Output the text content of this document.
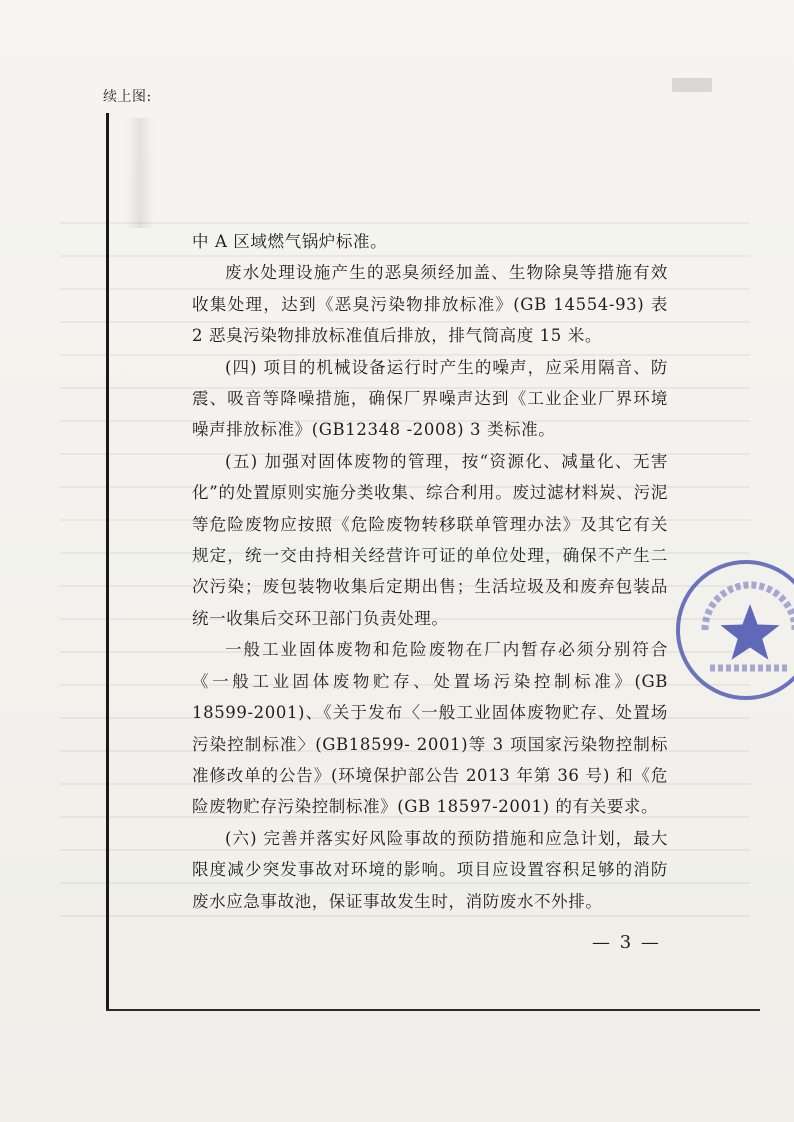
续上图:

中 A 区域燃气锅炉标准。

废水处理设施产生的恶臭须经加盖、生物除臭等措施有效收集处理，达到《恶臭污染物排放标准》(GB 14554-93) 表 2 恶臭污染物排放标准值后排放，排气筒高度 15 米。

(四) 项目的机械设备运行时产生的噪声，应采用隔音、防震、吸音等降噪措施，确保厂界噪声达到《工业企业厂界环境噪声排放标准》(GB12348 -2008) 3 类标准。

(五) 加强对固体废物的管理，按“资源化、减量化、无害化”的处置原则实施分类收集、综合利用。废过滤材料炭、污泥等危险废物应按照《危险废物转移联单管理办法》及其它有关规定，统一交由持相关经营许可证的单位处理，确保不产生二次污染；废包装物收集后定期出售；生活垃圾及和废弃包装品统一收集后交环卫部门负责处理。

一般工业固体废物和危险废物在厂内暂存必须分别符合《一般工业固体废物贮存、处置场污染控制标准》(GB 18599-2001)、《关于发布〈一般工业固体废物贮存、处置场污染控制标准〉(GB18599- 2001)等 3 项国家污染物控制标准修改单的公告》(环境保护部公告 2013 年第 36 号) 和《危险废物贮存污染控制标准》(GB 18597-2001) 的有关要求。

(六) 完善并落实好风险事故的预防措施和应急计划，最大限度减少突发事故对环境的影响。项目应设置容积足够的消防废水应急事故池，保证事故发生时，消防废水不外排。

— 3 —
